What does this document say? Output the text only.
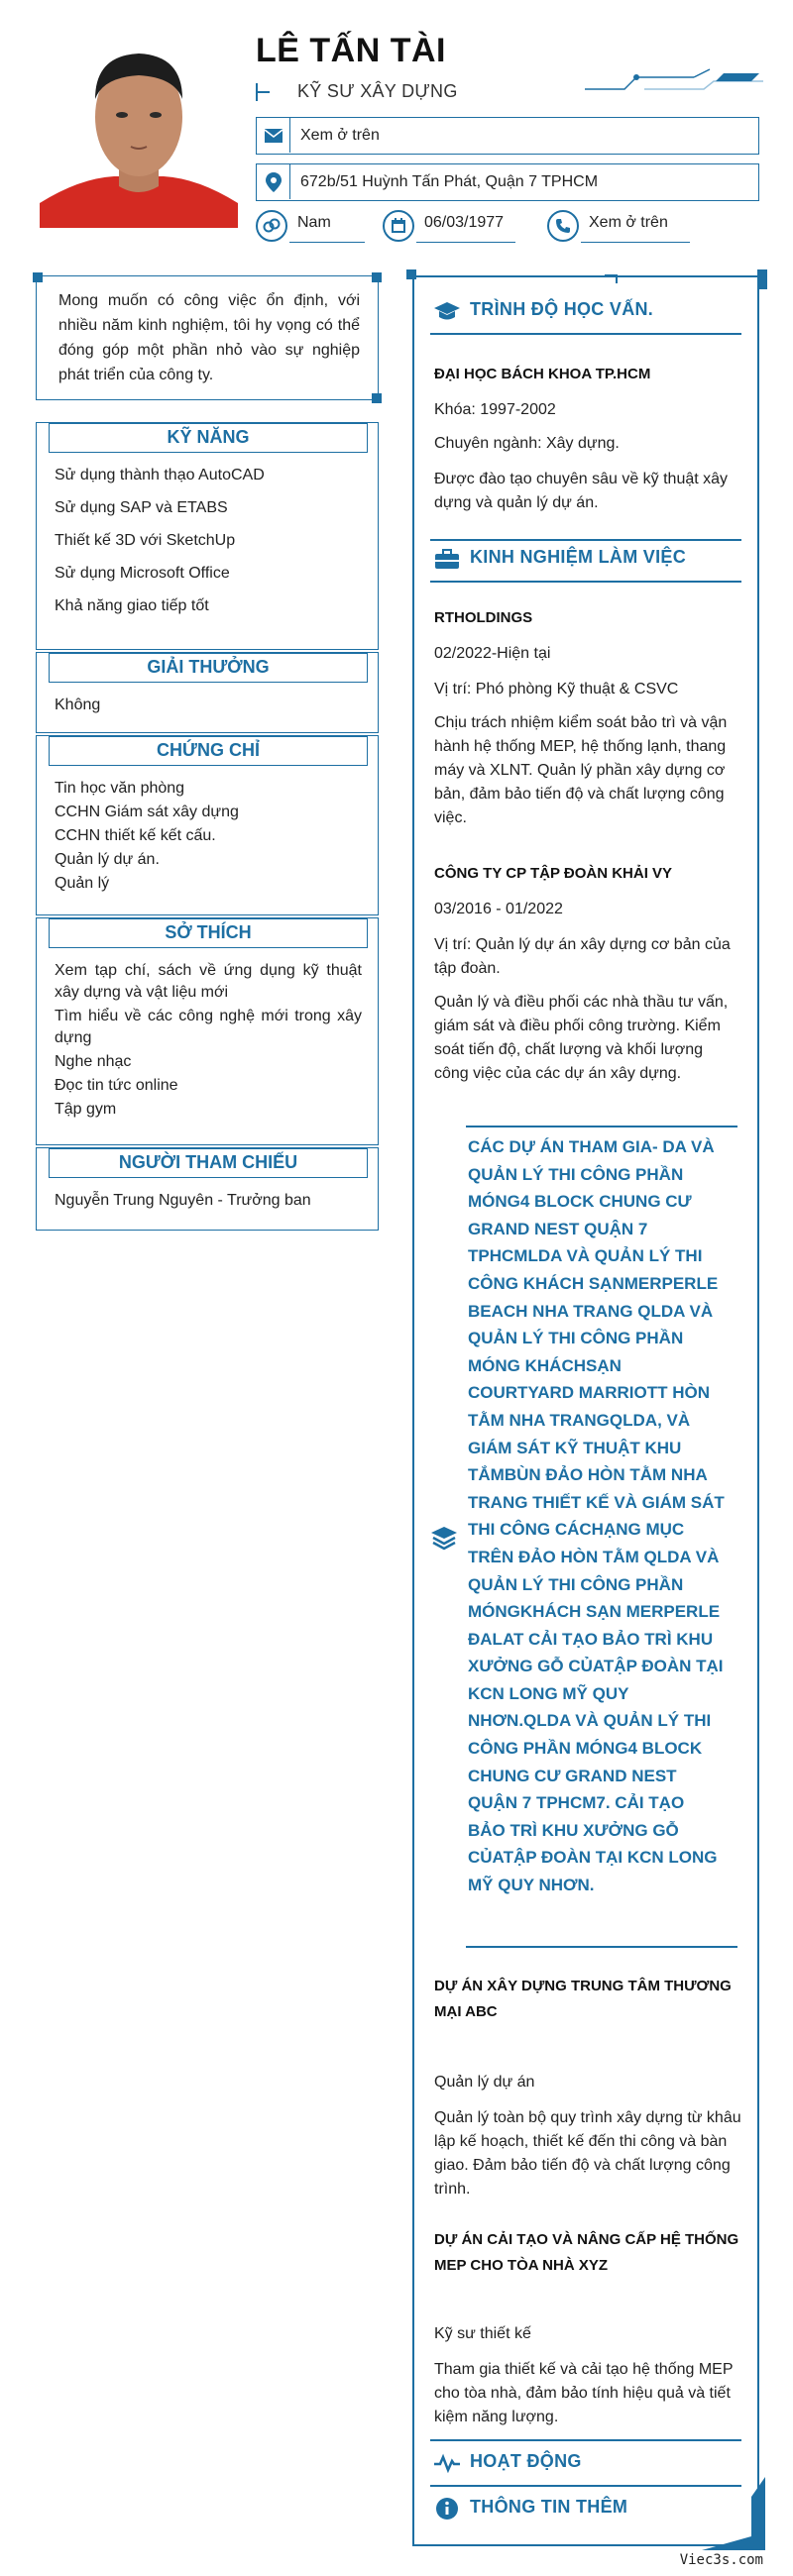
LÊ TẤN TÀI
KỸ SƯ XÂY DỰNG
Xem ở trên
672b/51 Huỳnh Tấn Phát, Quận 7 TPHCM
Nam	06/03/1977	Xem ở trên
Mong muốn có công việc ổn định, với nhiều năm kinh nghiệm, tôi hy vọng có thể đóng góp một phần nhỏ vào sự nghiệp phát triển của công ty.
KỸ NĂNG
Sử dụng thành thạo AutoCAD
Sử dụng SAP và ETABS
Thiết kế 3D với SketchUp
Sử dụng Microsoft Office
Khả năng giao tiếp tốt
GIẢI THƯỞNG
Không
CHỨNG CHỈ
Tin học văn phòng
CCHN Giám sát xây dựng
CCHN thiết kế kết cấu.
Quản lý dự án.
Quản lý
SỞ THÍCH
Xem tạp chí, sách về ứng dụng kỹ thuật xây dựng và vật liệu mới
Tìm hiểu về các công nghệ mới trong xây dựng
Nghe nhạc
Đọc tin tức online
Tập gym
NGƯỜI THAM CHIẾU
Nguyễn Trung Nguyên - Trưởng ban
TRÌNH ĐỘ HỌC VẤN.
ĐẠI HỌC BÁCH KHOA TP.HCM
Khóa: 1997-2002
Chuyên ngành: Xây dựng.
Được đào tạo chuyên sâu về kỹ thuật xây dựng và quản lý dự án.
KINH NGHIỆM LÀM VIỆC
RTHOLDINGS
02/2022-Hiện tại
Vị trí: Phó phòng Kỹ thuật & CSVC
Chịu trách nhiệm kiểm soát bảo trì và vận hành hệ thống MEP, hệ thống lạnh, thang máy và XLNT. Quản lý phần xây dựng cơ bản, đảm bảo tiến độ và chất lượng công việc.
CÔNG TY CP TẬP ĐOÀN KHẢI VY
03/2016 - 01/2022
Vị trí: Quản lý dự án xây dựng cơ bản của tập đoàn.
Quản lý và điều phối các nhà thầu tư vấn, giám sát và điều phối công trường. Kiểm soát tiến độ, chất lượng và khối lượng công việc của các dự án xây dựng.
CÁC DỰ ÁN THAM GIA- DA VÀ QUẢN LÝ THI CÔNG PHẦN MÓNG4 BLOCK CHUNG CƯ GRAND NEST QUẬN 7 TPHCMLDA VÀ QUẢN LÝ THI CÔNG KHÁCH SẠNMERPERLE BEACH NHA TRANG QLDA VÀ QUẢN LÝ THI CÔNG PHẦN MÓNG KHÁCHSẠN COURTYARD MARRIOTT HÒN TẰM NHA TRANGQLDA, VÀ GIÁM SÁT KỸ THUẬT KHU TẮMBÙN ĐẢO HÒN TẰM NHA TRANG THIẾT KẾ VÀ GIÁM SÁT THI CÔNG CÁCHẠNG MỤC TRÊN ĐẢO HÒN TẰM QLDA VÀ QUẢN LÝ THI CÔNG PHẦN MÓNGKHÁCH SẠN MERPERLE ĐALAT CẢI TẠO BẢO TRÌ KHU XƯỞNG GỖ CỦATẬP ĐOÀN TẠI KCN LONG MỸ QUY NHƠN.QLDA VÀ QUẢN LÝ THI CÔNG PHẦN MÓNG4 BLOCK CHUNG CƯ GRAND NEST QUẬN 7 TPHCM7. CẢI TẠO BẢO TRÌ KHU XƯỞNG GỖ CỦATẬP ĐOÀN TẠI KCN LONG MỸ QUY NHƠN.
DỰ ÁN XÂY DỰNG TRUNG TÂM THƯƠNG MẠI ABC
Quản lý dự án
Quản lý toàn bộ quy trình xây dựng từ khâu lập kế hoạch, thiết kế đến thi công và bàn giao. Đảm bảo tiến độ và chất lượng công trình.
DỰ ÁN CẢI TẠO VÀ NÂNG CẤP HỆ THỐNG MEP CHO TÒA NHÀ XYZ
Kỹ sư thiết kế
Tham gia thiết kế và cải tạo hệ thống MEP cho tòa nhà, đảm bảo tính hiệu quả và tiết kiệm năng lượng.
HOẠT ĐỘNG
THÔNG TIN THÊM
Viec3s.com
